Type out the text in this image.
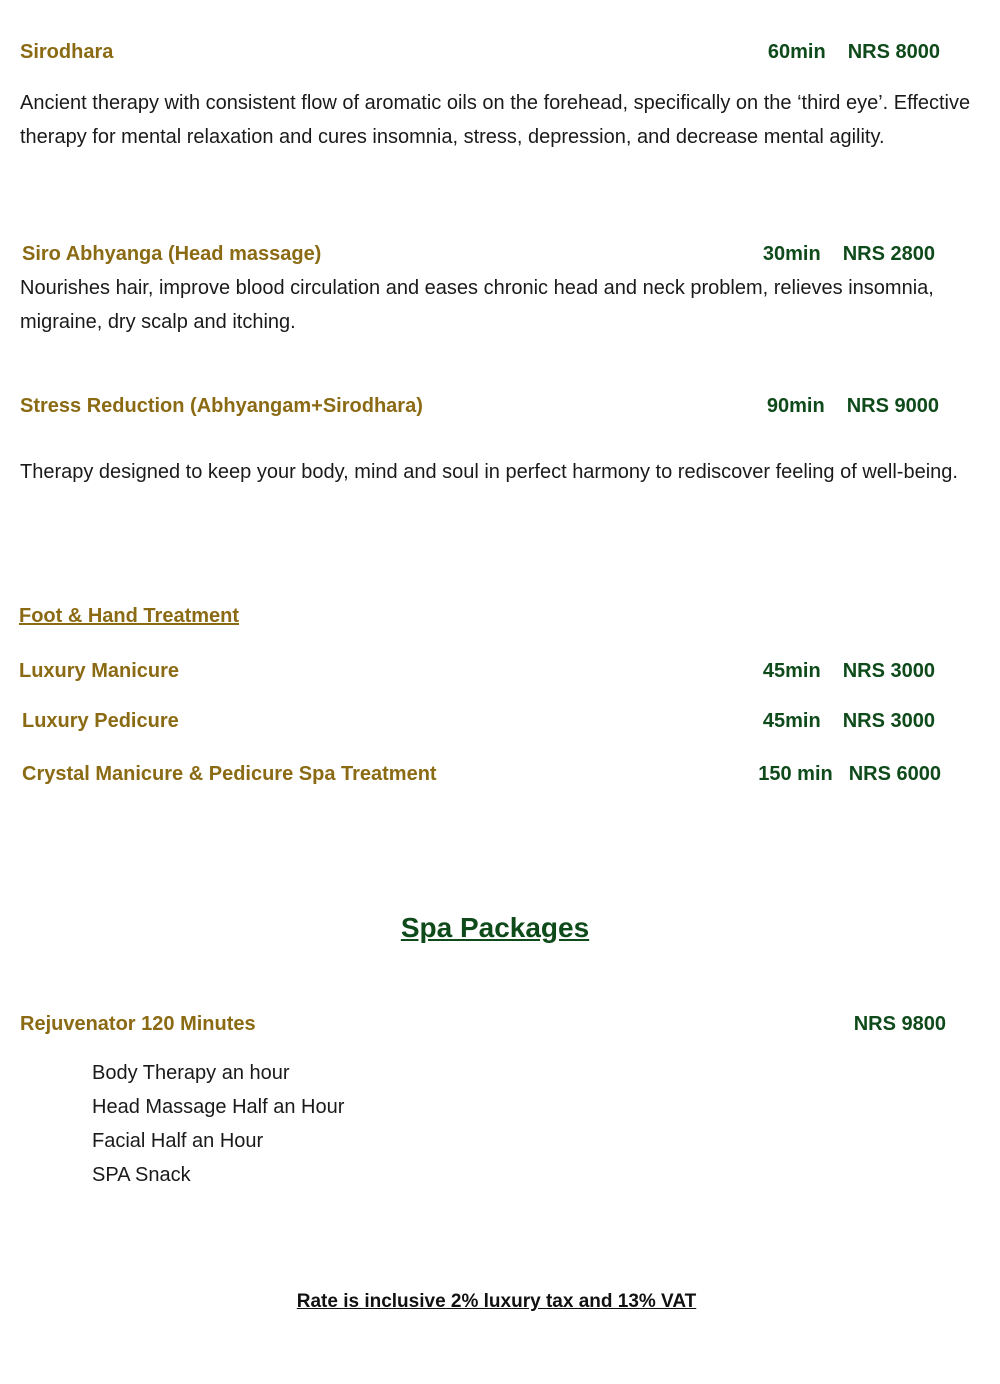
Sirodhara	60min NRS 8000
Ancient therapy with consistent flow of aromatic oils on the forehead, specifically on the ‘third eye’. Effective therapy for mental relaxation and cures insomnia, stress, depression, and decrease mental agility.
Siro Abhyanga (Head massage)	30min NRS 2800
Nourishes hair, improve blood circulation and eases chronic head and neck problem, relieves insomnia, migraine, dry scalp and itching.
Stress Reduction (Abhyangam+Sirodhara)	90min NRS 9000
Therapy designed to keep your body, mind and soul in perfect harmony to rediscover feeling of well-being.
Foot & Hand Treatment
Luxury Manicure	45min NRS 3000
Luxury Pedicure	45min NRS 3000
Crystal Manicure & Pedicure Spa Treatment	150 min NRS 6000
Spa Packages
Rejuvenator 120 Minutes	NRS 9800
Body Therapy an hour
Head Massage Half an Hour
Facial Half an Hour
SPA Snack
Rate is inclusive 2% luxury tax and 13% VAT
